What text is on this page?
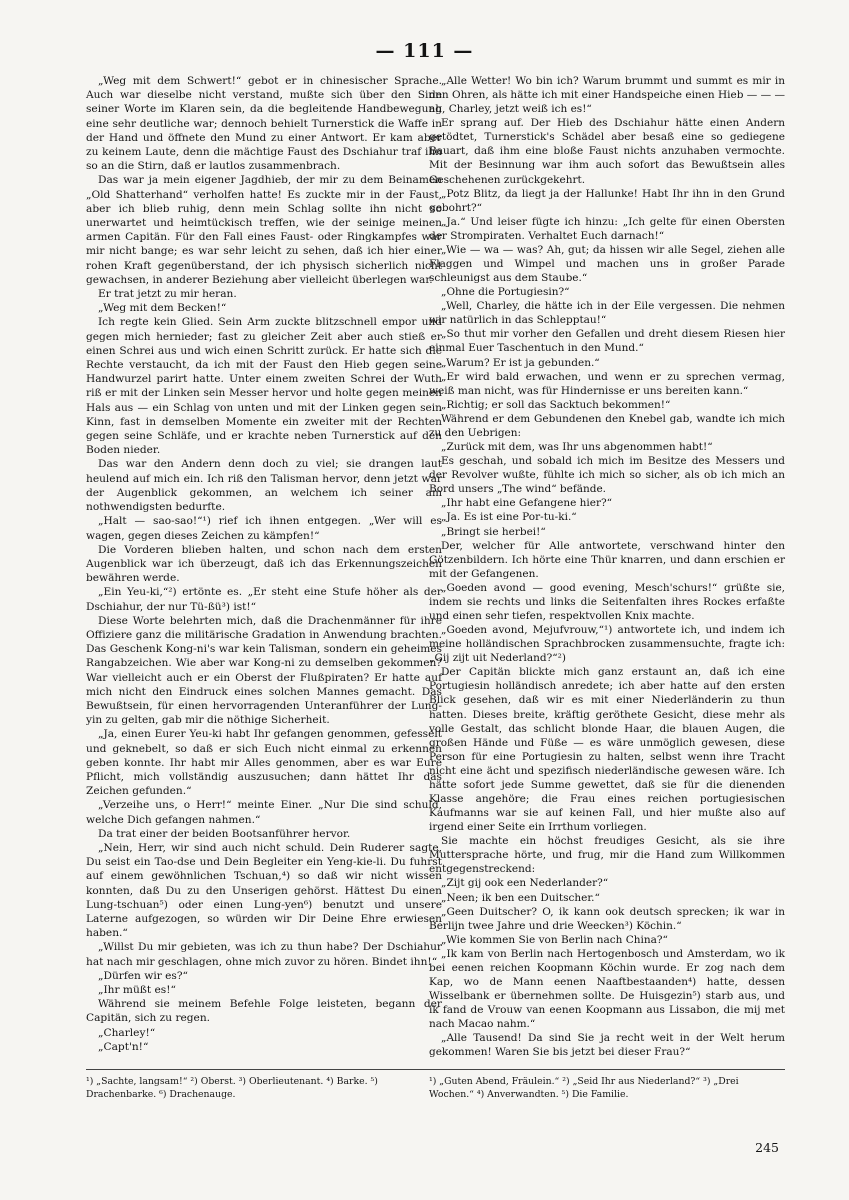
— 111 —

„Weg mit dem Schwert!“ gebot er in chinesischer Sprache. Auch war dieselbe nicht verstand, mußte sich über den Sinn seiner Worte im Klaren sein, da die begleitende Handbewegung eine sehr deutliche war; dennoch behielt Turnerstick die Waffe in der Hand und öffnete den Mund zu einer Antwort. Er kam aber zu keinem Laute, denn die mächtige Faust des Dschiahur traf ihn so an die Stirn, daß er lautlos zusammenbrach.

Das war ja mein eigener Jagdhieb, der mir zu dem Beinamen „Old Shatterhand“ verholfen hatte! Es zuckte mir in der Faust, aber ich blieb ruhig, denn mein Schlag sollte ihn nicht so unerwartet und heimtückisch treffen, wie der seinige meinen armen Capitän. Für den Fall eines Faust- oder Ringkampfes war mir nicht bange; es war sehr leicht zu sehen, daß ich hier einer rohen Kraft gegenüberstand, der ich physisch sicherlich nicht gewachsen, in anderer Beziehung aber vielleicht überlegen war.

Er trat jetzt zu mir heran.

„Weg mit dem Becken!“

Ich regte kein Glied. Sein Arm zuckte blitzschnell empor und gegen mich hernieder; fast zu gleicher Zeit aber auch stieß er einen Schrei aus und wich einen Schritt zurück. Er hatte sich die Rechte verstaucht, da ich mit der Faust den Hieb gegen seine Handwurzel parirt hatte. Unter einem zweiten Schrei der Wuth riß er mit der Linken sein Messer hervor und holte gegen meinen Hals aus — ein Schlag von unten und mit der Linken gegen sein Kinn, fast in demselben Momente ein zweiter mit der Rechten gegen seine Schläfe, und er krachte neben Turnerstick auf den Boden nieder.

Das war den Andern denn doch zu viel; sie drangen laut heulend auf mich ein. Ich riß den Talisman hervor, denn jetzt war der Augenblick gekommen, an welchem ich seiner am nothwendigsten bedurfte.

„Halt — sao-sao!“¹) rief ich ihnen entgegen. „Wer will es wagen, gegen dieses Zeichen zu kämpfen!“

Die Vorderen blieben halten, und schon nach dem ersten Augenblick war ich überzeugt, daß ich das Erkennungszeichen bewähren werde.

„Ein Yeu-ki,“²) ertönte es. „Er steht eine Stufe höher als der Dschiahur, der nur Tü-ßü³) ist!“

Diese Worte belehrten mich, daß die Drachenmänner für ihre Offiziere ganz die militärische Gradation in Anwendung brachten. Das Geschenk Kong-ni's war kein Talisman, sondern ein geheimes Rangabzeichen. Wie aber war Kong-ni zu demselben gekommen? War vielleicht auch er ein Oberst der Flußpiraten? Er hatte auf mich nicht den Eindruck eines solchen Mannes gemacht. Das Bewußtsein, für einen hervorragenden Unteranführer der Lung-yin zu gelten, gab mir die nöthige Sicherheit.

„Ja, einen Eurer Yeu-ki habt Ihr gefangen genommen, gefesselt und geknebelt, so daß er sich Euch nicht einmal zu erkennen geben konnte. Ihr habt mir Alles genommen, aber es war Eure Pflicht, mich vollständig auszusuchen; dann hättet Ihr das Zeichen gefunden.“

„Verzeihe uns, o Herr!“ meinte Einer. „Nur Die sind schuld, welche Dich gefangen nahmen.“

Da trat einer der beiden Bootsanführer hervor.

„Nein, Herr, wir sind auch nicht schuld. Dein Ruderer sagte, Du seist ein Tao-dse und Dein Begleiter ein Yeng-kie-li. Du fuhrst auf einem gewöhnlichen Tschuan,⁴) so daß wir nicht wissen konnten, daß Du zu den Unserigen gehörst. Hättest Du einen Lung-tschuan⁵) oder einen Lung-yen⁶) benutzt und unsere Laterne aufgezogen, so würden wir Dir Deine Ehre erwiesen haben.“

„Willst Du mir gebieten, was ich zu thun habe? Der Dschiahur hat nach mir geschlagen, ohne mich zuvor zu hören. Bindet ihn!“

„Dürfen wir es?“

„Ihr müßt es!“

Während sie meinem Befehle Folge leisteten, begann der Capitän, sich zu regen.

„Charley!“

„Capt'n!“

„Alle Wetter! Wo bin ich? Warum brummt und summt es mir in den Ohren, als hätte ich mit einer Handspeiche einen Hieb — — — ah, Charley, jetzt weiß ich es!“

Er sprang auf. Der Hieb des Dschiahur hätte einen Andern getödtet, Turnerstick's Schädel aber besaß eine so gediegene Bauart, daß ihm eine bloße Faust nichts anzuhaben vermochte. Mit der Besinnung war ihm auch sofort das Bewußtsein alles Geschehenen zurückgekehrt.

„Potz Blitz, da liegt ja der Hallunke! Habt Ihr ihn in den Grund gebohrt?“

„Ja.“ Und leiser fügte ich hinzu: „Ich gelte für einen Obersten der Strompiraten. Verhaltet Euch darnach!“

„Wie — wa — was? Ah, gut; da hissen wir alle Segel, ziehen alle Flaggen und Wimpel und machen uns in großer Parade schleunigst aus dem Staube.“

„Ohne die Portugiesin?“

„Well, Charley, die hätte ich in der Eile vergessen. Die nehmen wir natürlich in das Schlepptau!“

„So thut mir vorher den Gefallen und dreht diesem Riesen hier einmal Euer Taschentuch in den Mund.“

„Warum? Er ist ja gebunden.“

„Er wird bald erwachen, und wenn er zu sprechen vermag, weiß man nicht, was für Hindernisse er uns bereiten kann.“

„Richtig; er soll das Sacktuch bekommen!“

Während er dem Gebundenen den Knebel gab, wandte ich mich zu den Uebrigen:

„Zurück mit dem, was Ihr uns abgenommen habt!“

Es geschah, und sobald ich mich im Besitze des Messers und der Revolver wußte, fühlte ich mich so sicher, als ob ich mich an Bord unsers „The wind“ befände.

„Ihr habt eine Gefangene hier?“

„Ja. Es ist eine Por-tu-ki.“

„Bringt sie herbei!“

Der, welcher für Alle antwortete, verschwand hinter den Götzenbildern. Ich hörte eine Thür knarren, und dann erschien er mit der Gefangenen.

„Goeden avond — good evening, Mesch'schurs!“ grüßte sie, indem sie rechts und links die Seitenfalten ihres Rockes erfaßte und einen sehr tiefen, respektvollen Knix machte.

„Goeden avond, Mejufvrouw,“¹) antwortete ich, und indem ich meine holländischen Sprachbrocken zusammensuchte, fragte ich: „Gij zijt uit Nederland?“²)

Der Capitän blickte mich ganz erstaunt an, daß ich eine Portugiesin holländisch anredete; ich aber hatte auf den ersten Blick gesehen, daß wir es mit einer Niederländerin zu thun hatten. Dieses breite, kräftig geröthete Gesicht, diese mehr als volle Gestalt, das schlicht blonde Haar, die blauen Augen, die großen Hände und Füße — es wäre unmöglich gewesen, diese Person für eine Portugiesin zu halten, selbst wenn ihre Tracht nicht eine ächt und spezifisch niederländische gewesen wäre. Ich hätte sofort jede Summe gewettet, daß sie für die dienenden Klasse angehöre; die Frau eines reichen portugiesischen Kaufmanns war sie auf keinen Fall, und hier mußte also auf irgend einer Seite ein Irrthum vorliegen.

Sie machte ein höchst freudiges Gesicht, als sie ihre Muttersprache hörte, und frug, mir die Hand zum Willkommen entgegenstreckend:

„Zijt gij ook een Nederlander?“

„Neen; ik ben een Duitscher.“

„Geen Duitscher? O, ik kann ook deutsch sprecken; ik war in Berlijn twee Jahre und drie Weecken³) Köchin.“

„Wie kommen Sie von Berlin nach China?“

„Ik kam von Berlin nach Hertogenbosch und Amsterdam, wo ik bei eenen reichen Koopmann Köchin wurde. Er zog nach dem Kap, wo de Mann eenen Naaftbestaanden⁴) hatte, dessen Wisselbank er übernehmen sollte. De Huisgezin⁵) starb aus, und ik fand de Vrouw van eenen Koopmann aus Lissabon, die mij met nach Macao nahm.“

„Alle Tausend! Da sind Sie ja recht weit in der Welt herum gekommen! Waren Sie bis jetzt bei dieser Frau?“

¹) „Sachte, langsam!“ ²) Oberst. ³) Oberlieutenant. ⁴) Barke. ⁵) Drachenbarke. ⁶) Drachenauge.
¹) „Guten Abend, Fräulein.“ ²) „Seid Ihr aus Niederland?“ ³) „Drei Wochen.“ ⁴) Anverwandten. ⁵) Die Familie.
245
